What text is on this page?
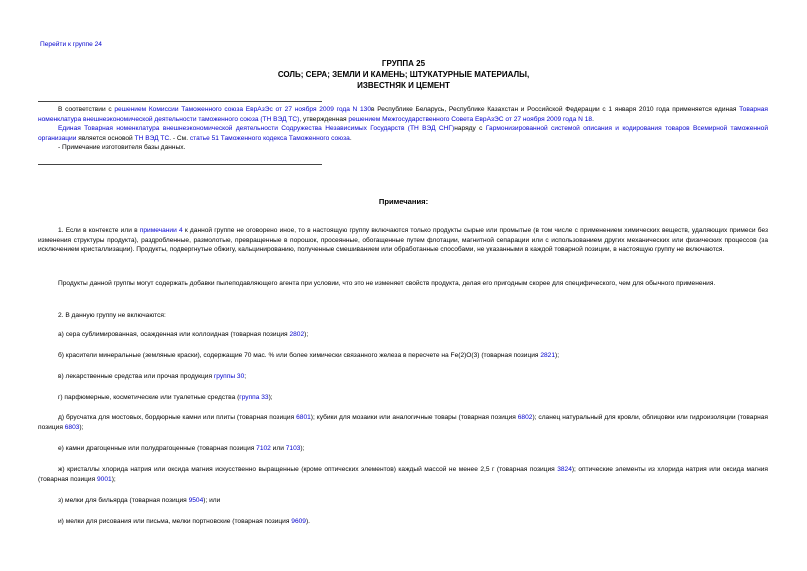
Перейти к группе 24
ГРУППА 25
СОЛЬ; СЕРА; ЗЕМЛИ И КАМЕНЬ; ШТУКАТУРНЫЕ МАТЕРИАЛЫ,
ИЗВЕСТНЯК И ЦЕМЕНТ
В соответствии с решением Комиссии Таможенного союза ЕврАзЭс от 27 ноября 2009 года N 130в Республике Беларусь, Республике Казахстан и Российской Федерации с 1 января 2010 года применяется единая Товарная номенклатура внешнеэкономической деятельности таможенного союза (ТН ВЭД ТС), утвержденная решением Межгосударственного Совета ЕврАзЭС от 27 ноября 2009 года N 18.
Единая Товарная номенклатура внешнеэкономической деятельности Содружества Независимых Государств (ТН ВЭД СНГ)наряду с Гармонизированной системой описания и кодирования товаров Всемирной таможенной организации является основой ТН ВЭД ТС. - См. статье 51 Таможенного кодекса Таможенного союза.
- Примечание изготовителя базы данных.
Примечания:
1. Если в контексте или в примечании 4 к данной группе не оговорено иное, то в настоящую группу включаются только продукты сырые или промытые (в том числе с применением химических веществ, удаляющих примеси без изменения структуры продукта), раздробленные, размолотые, превращенные в порошок, просеянные, обогащенные путем флотации, магнитной сепарации или с использованием других механических или физических процессов (за исключением кристаллизации). Продукты, подвергнутые обжигу, кальцинированию, полученные смешиванием или обработанные способами, не указанными в каждой товарной позиции, в настоящую группу не включаются.
Продукты данной группы могут содержать добавки пылеподавляющего агента при условии, что это не изменяет свойств продукта, делая его пригодным скорее для специфического, чем для обычного применения.
2. В данную группу не включаются:
а) сера сублимированная, осажденная или коллоидная (товарная позиция 2802);
б) красители минеральные (земляные краски), содержащие 70 мас. % или более химически связанного железа в пересчете на Fe(2)O(3) (товарная позиция 2821);
в) лекарственные средства или прочая продукция группы 30;
г) парфюмерные, косметические или туалетные средства (группа 33);
д) брусчатка для мостовых, бордюрные камни или плиты (товарная позиция 6801); кубики для мозаики или аналогичные товары (товарная позиция 6802); сланец натуральный для кровли, облицовки или гидроизоляции (товарная позиция 6803);
е) камни драгоценные или полудрагоценные (товарная позиция 7102 или 7103);
ж) кристаллы хлорида натрия или оксида магния искусственно выращенные (кроме оптических элементов) каждый массой не менее 2,5 г (товарная позиция 3824); оптические элементы из хлорида натрия или оксида магния (товарная позиция 9001);
з) мелки для бильярда (товарная позиция 9504); или
и) мелки для рисования или письма, мелки портновские (товарная позиция 9609).
